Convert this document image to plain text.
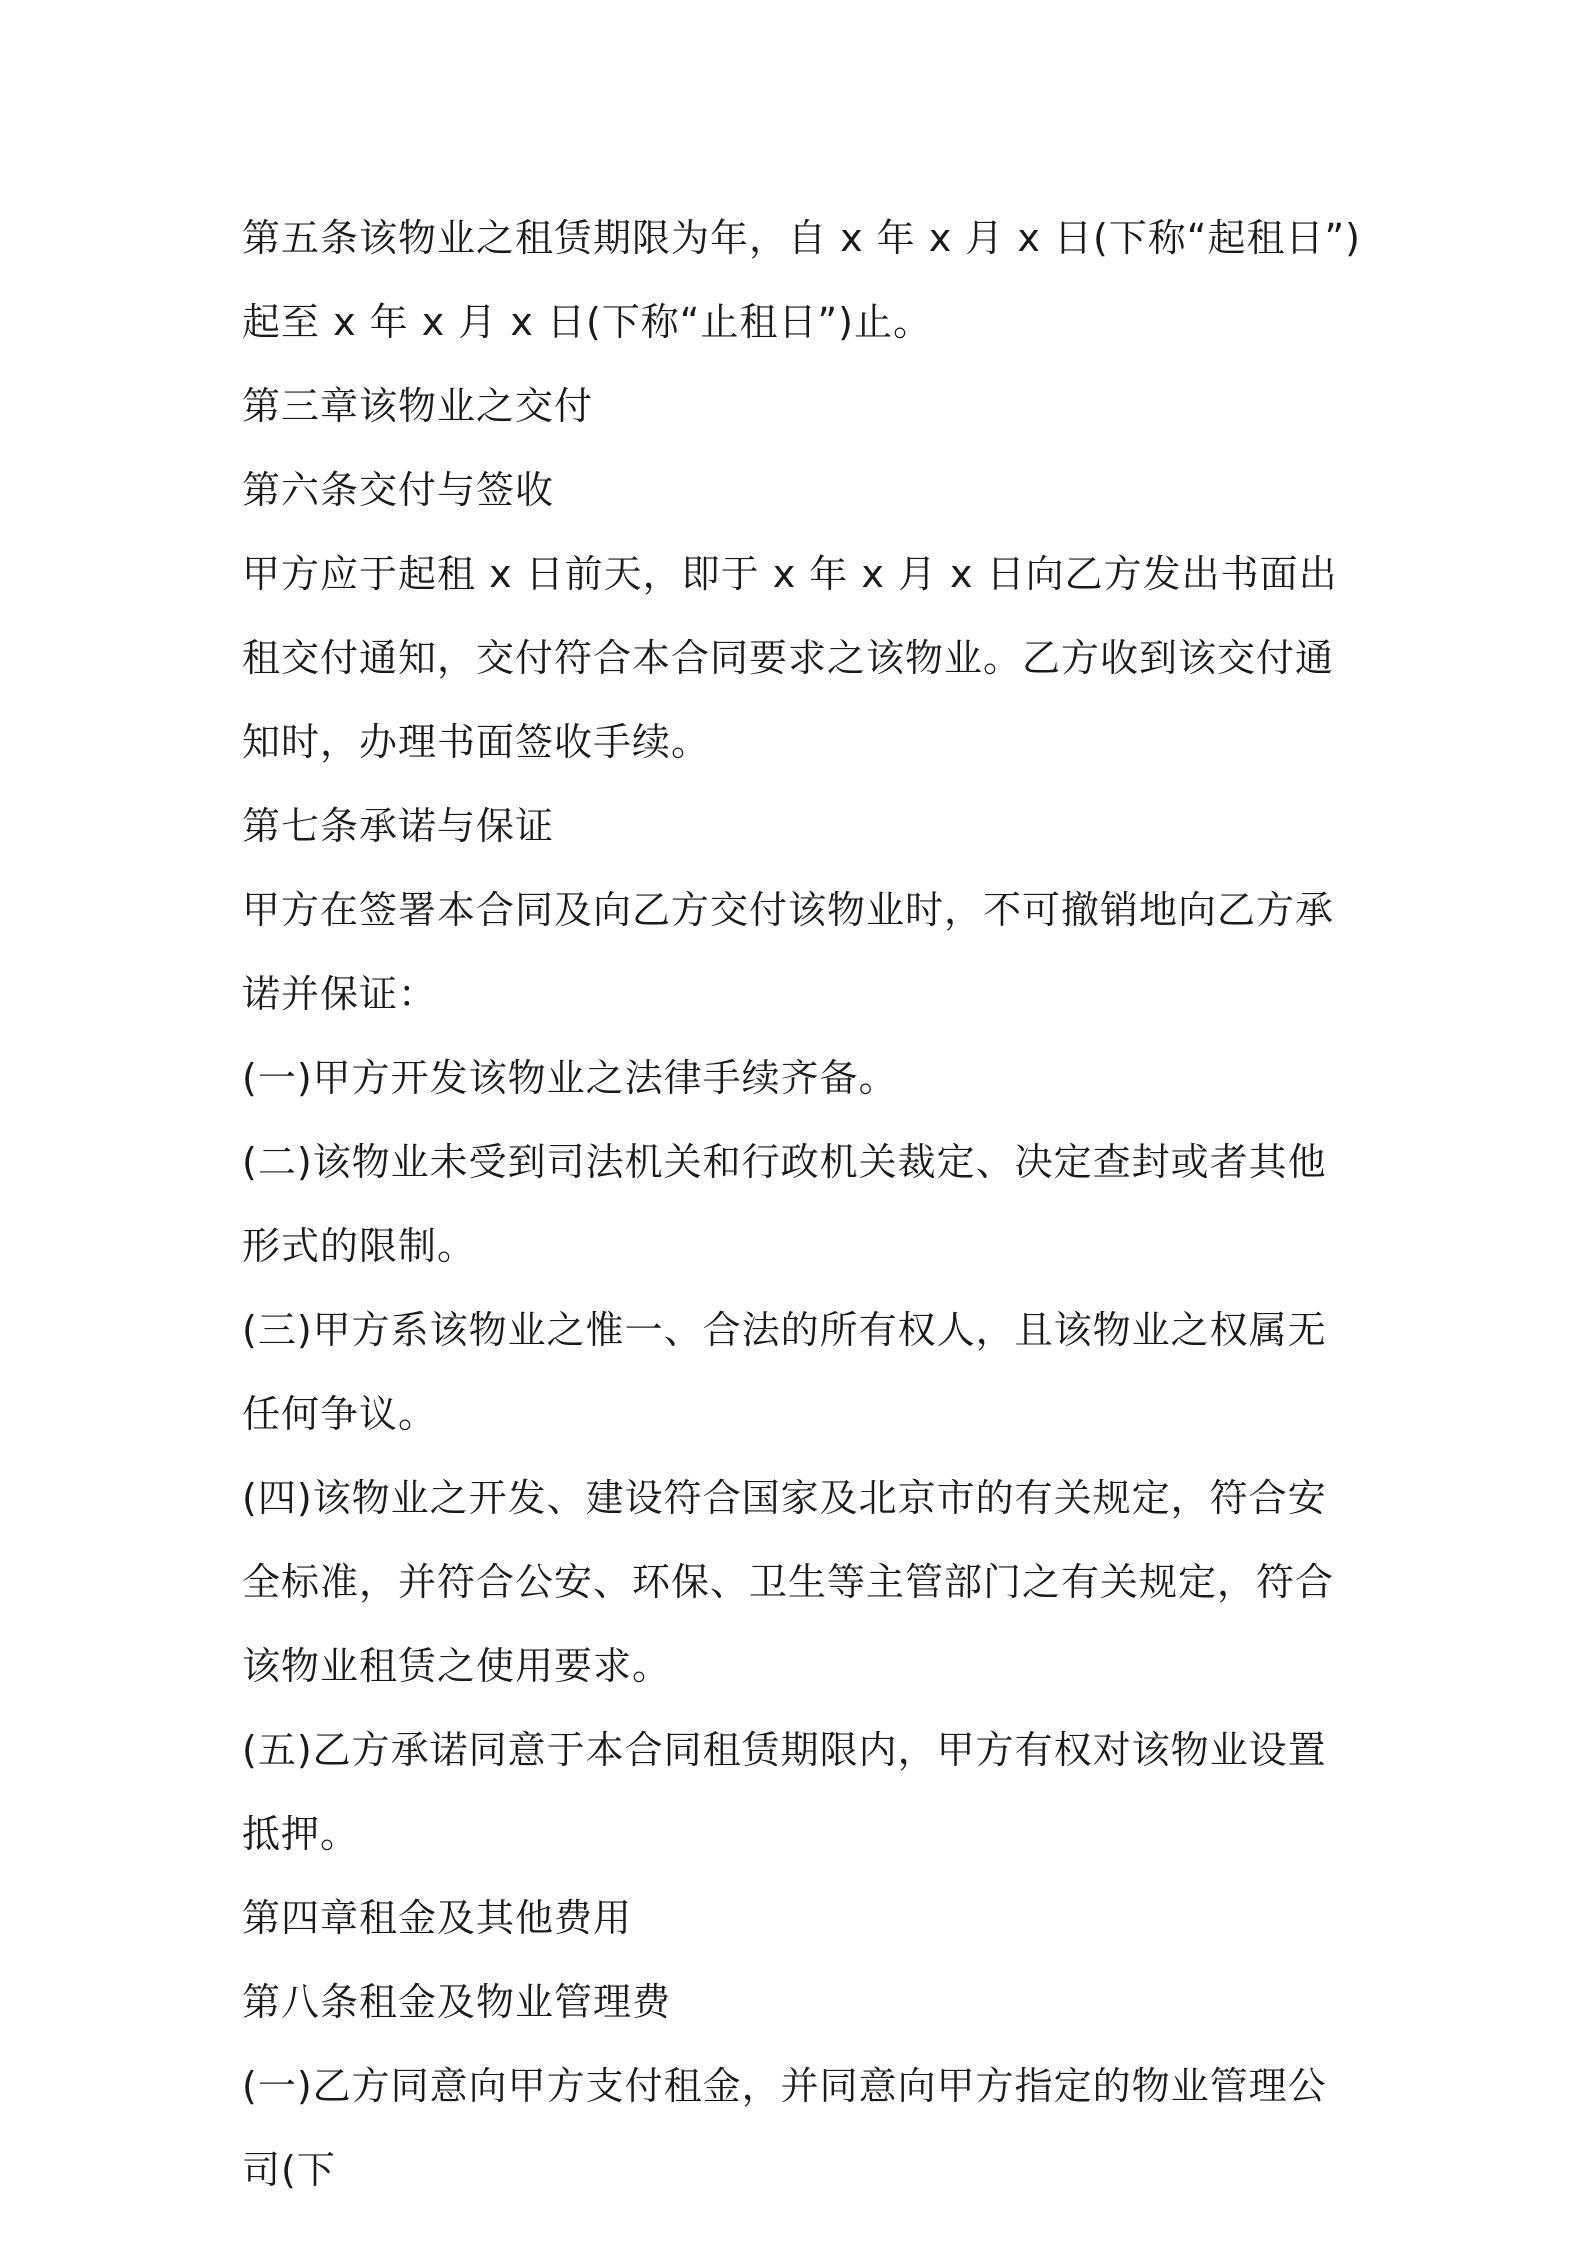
第五条该物业之租赁期限为年，自 x 年 x 月 x 日(下称“起租日”)起至 x 年 x 月 x 日(下称“止租日”)止。

第三章该物业之交付

第六条交付与签收

甲方应于起租 x 日前天，即于 x 年 x 月 x 日向乙方发出书面出租交付通知，交付符合本合同要求之该物业。乙方收到该交付通知时，办理书面签收手续。

第七条承诺与保证

甲方在签署本合同及向乙方交付该物业时，不可撤销地向乙方承诺并保证：

(一)甲方开发该物业之法律手续齐备。

(二)该物业未受到司法机关和行政机关裁定、决定查封或者其他形式的限制。

(三)甲方系该物业之惟一、合法的所有权人，且该物业之权属无任何争议。

(四)该物业之开发、建设符合国家及北京市的有关规定，符合安全标准，并符合公安、环保、卫生等主管部门之有关规定，符合该物业租赁之使用要求。

(五)乙方承诺同意于本合同租赁期限内，甲方有权对该物业设置抵押。

第四章租金及其他费用

第八条租金及物业管理费

(一)乙方同意向甲方支付租金，并同意向甲方指定的物业管理公司(下
